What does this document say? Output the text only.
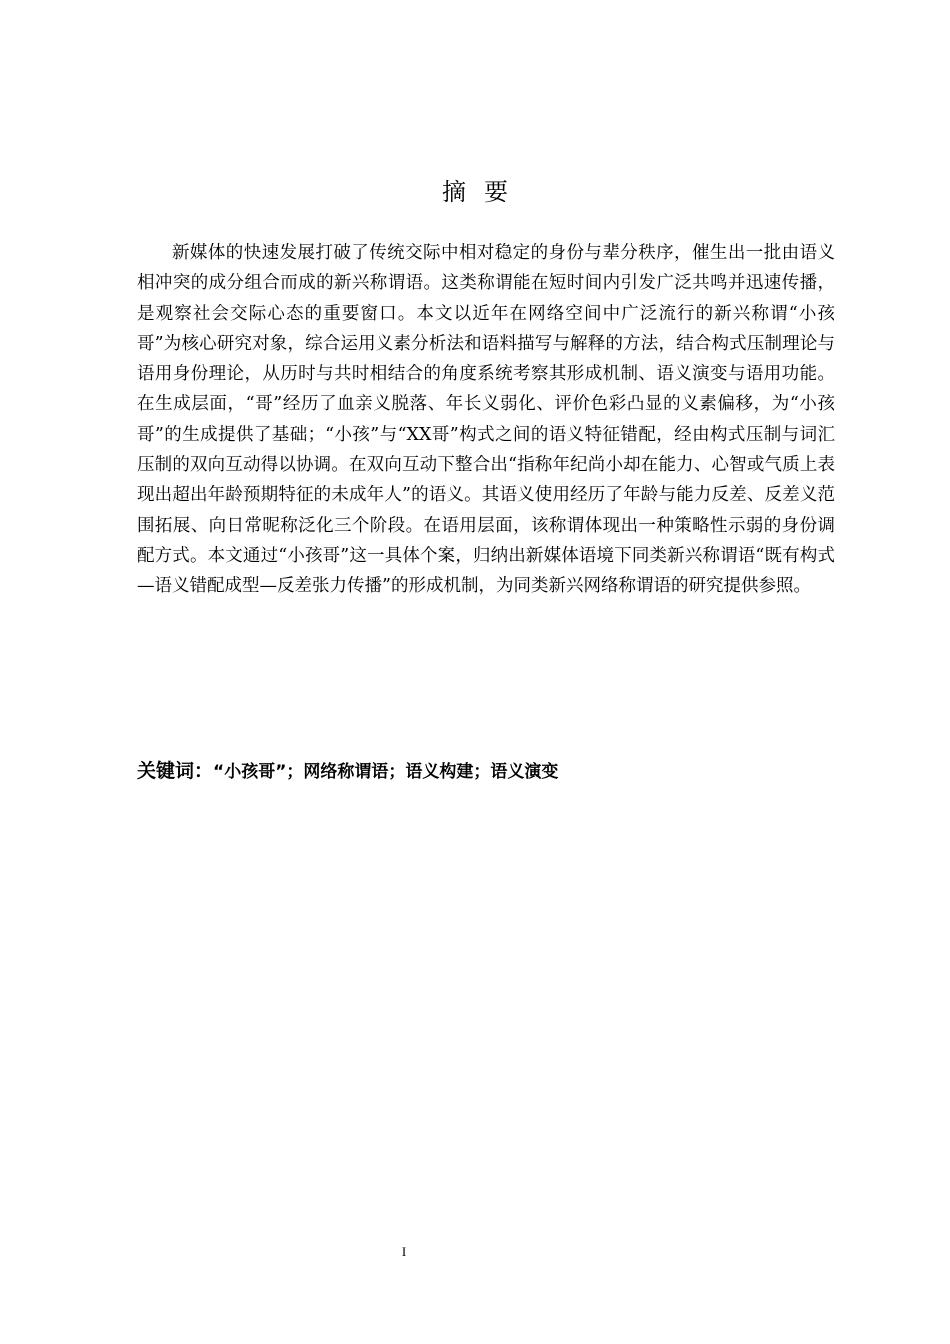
摘要
新媒体的快速发展打破了传统交际中相对稳定的身份与辈分秩序，催生出一批由语义相冲突的成分组合而成的新兴称谓语。这类称谓能在短时间内引发广泛共鸣并迅速传播，是观察社会交际心态的重要窗口。本文以近年在网络空间中广泛流行的新兴称谓“小孩哥”为核心研究对象，综合运用义素分析法和语料描写与解释的方法，结合构式压制理论与语用身份理论，从历时与共时相结合的角度系统考察其形成机制、语义演变与语用功能。在生成层面，“哥”经历了血亲义脱落、年长义弱化、评价色彩凸显的义素偏移，为“小孩哥”的生成提供了基础；“小孩”与“XX哥”构式之间的语义特征错配，经由构式压制与词汇压制的双向互动得以协调。在双向互动下整合出“指称年纪尚小却在能力、心智或气质上表现出超出年龄预期特征的未成年人”的语义。其语义使用经历了年龄与能力反差、反差义范围拓展、向日常昵称泛化三个阶段。在语用层面，该称谓体现出一种策略性示弱的身份调配方式。本文通过“小孩哥”这一具体个案，归纳出新媒体语境下同类新兴称谓语“既有构式—语义错配成型—反差张力传播”的形成机制，为同类新兴网络称谓语的研究提供参照。
关键词：“小孩哥”；网络称谓语；语义构建；语义演变
I
